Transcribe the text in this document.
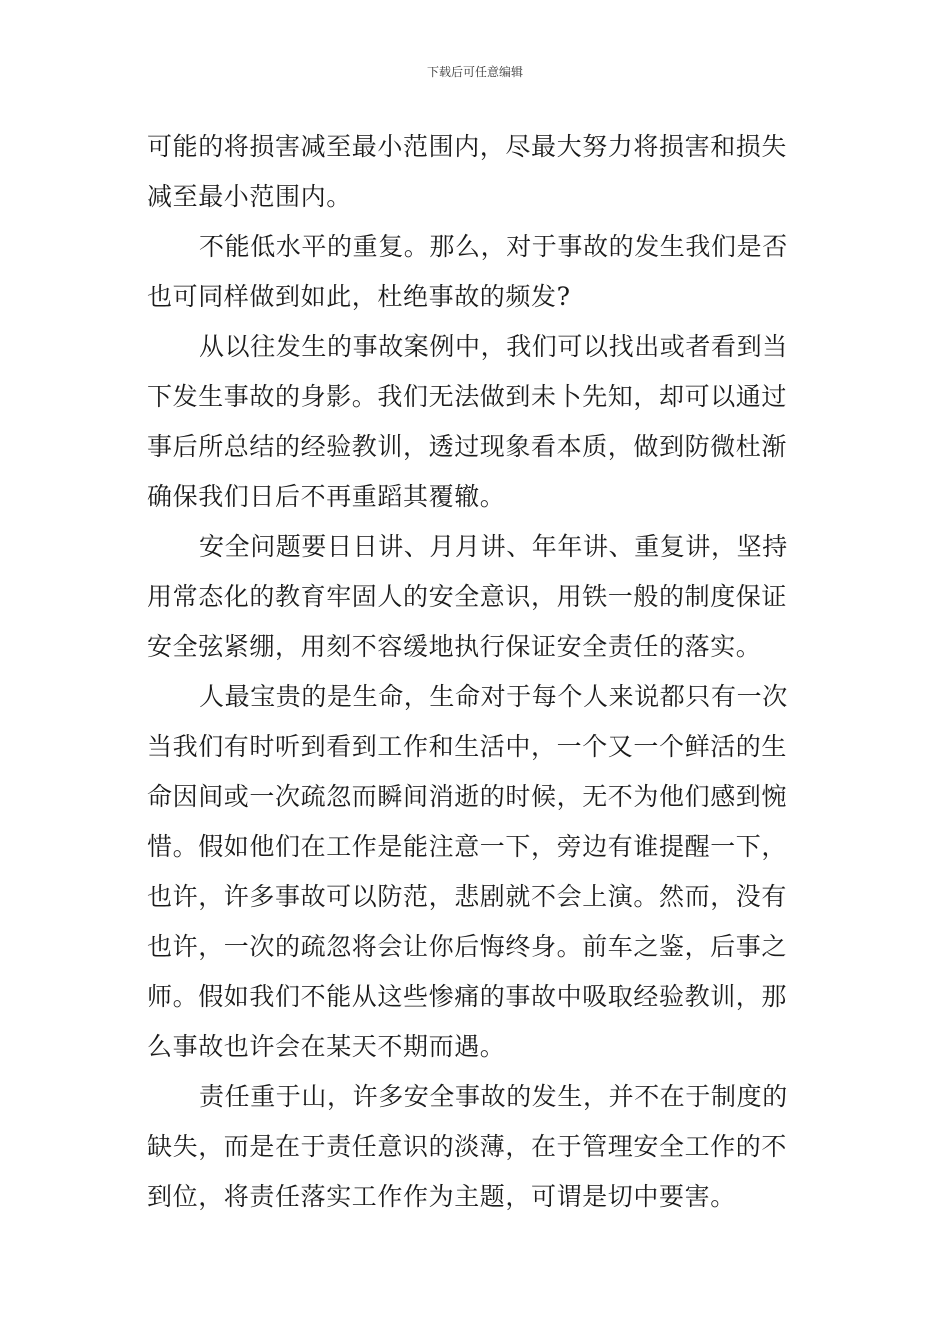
下载后可任意编辑
可能的将损害减至最小范围内，尽最大努力将损害和损失
减至最小范围内。
不能低水平的重复。那么，对于事故的发生我们是否
也可同样做到如此，杜绝事故的频发?
从以往发生的事故案例中，我们可以找出或者看到当
下发生事故的身影。我们无法做到未卜先知，却可以通过
事后所总结的经验教训，透过现象看本质，做到防微杜渐
确保我们日后不再重蹈其覆辙。
安全问题要日日讲、月月讲、年年讲、重复讲，坚持
用常态化的教育牢固人的安全意识，用铁一般的制度保证
安全弦紧绷，用刻不容缓地执行保证安全责任的落实。
人最宝贵的是生命，生命对于每个人来说都只有一次
当我们有时听到看到工作和生活中，一个又一个鲜活的生
命因间或一次疏忽而瞬间消逝的时候，无不为他们感到惋
惜。假如他们在工作是能注意一下，旁边有谁提醒一下，
也许，许多事故可以防范，悲剧就不会上演。然而，没有
也许，一次的疏忽将会让你后悔终身。前车之鉴，后事之
师。假如我们不能从这些惨痛的事故中吸取经验教训，那
么事故也许会在某天不期而遇。
责任重于山，许多安全事故的发生，并不在于制度的
缺失，而是在于责任意识的淡薄，在于管理安全工作的不
到位，将责任落实工作作为主题，可谓是切中要害。
